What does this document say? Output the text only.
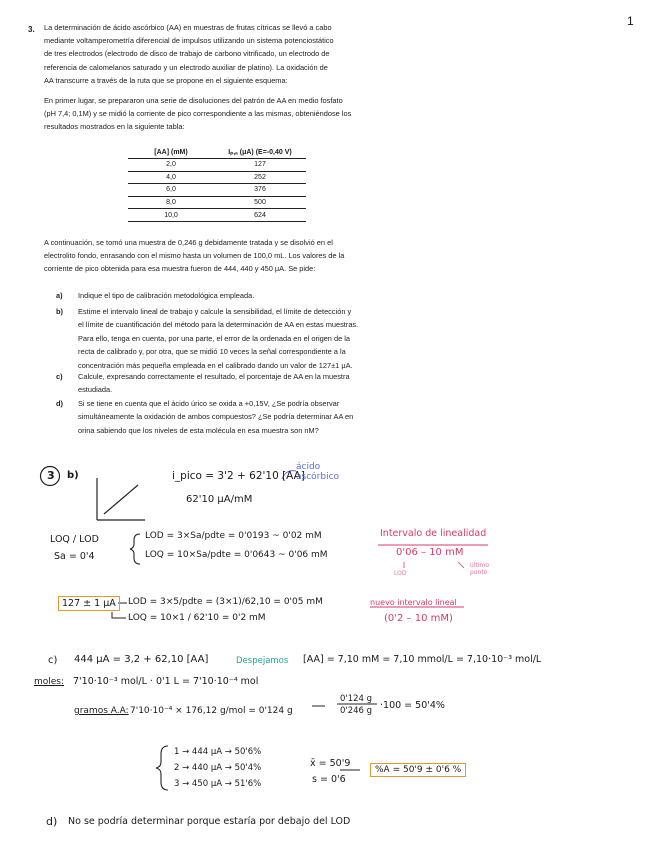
1
3. La determinación de ácido ascórbico (AA) en muestras de frutas cítricas se llevó a cabo
mediante voltamperometría diferencial de impulsos utilizando un sistema potenciostático
de tres electrodos (electrodo de disco de trabajo de carbono vitrificado, un electrodo de
referencia de calomelanos saturado y un electrodo auxiliar de platino). La oxidación de
AA transcurre a través de la ruta que se propone en el siguiente esquema:
En primer lugar, se prepararon una serie de disoluciones del patrón de AA en medio fosfato
(pH 7,4; 0,1M) y se midió la corriente de pico correspondiente a las mismas, obteniéndose los
resultados mostrados en la siguiente tabla:
[AA] (mM)	Iₚ,ₐ (μA) (E=-0,40 V)
2,0	127
4,0	252
6,0	376
8,0	500
10,0	624
A continuación, se tomó una muestra de 0,246 g debidamente tratada y se disolvió en el
electrolito fondo, enrasando con el mismo hasta un volumen de 100,0 mL. Los valores de la
corriente de pico obtenida para esa muestra fueron de 444, 440 y 450 μA. Se pide:
a) Indique el tipo de calibración metodológica empleada.
b) Estime el intervalo lineal de trabajo y calcule la sensibilidad, el límite de detección y
el límite de cuantificación del método para la determinación de AA en estas muestras.
Para ello, tenga en cuenta, por una parte, el error de la ordenada en el origen de la
recta de calibrado y, por otra, que se midió 10 veces la señal correspondiente a la
concentración más pequeña empleada en el calibrado dando un valor de 127±1 μA.
c) Calcule, expresando correctamente el resultado, el porcentaje de AA en la muestra
estudiada.
d) Si se tiene en cuenta que el ácido úrico se oxida a +0,15V, ¿Se podría observar
simultáneamente la oxidación de ambos compuestos? ¿Se podría determinar AA en
orina sabiendo que los niveles de esta molécula en esa muestra son nM?
3 b)	i_pico = 3'2 + 62'10 [AA]
ácido ascórbico
62'10 μA/mM
LOQ / LOD
Sa = 0'4
LOD = 3×Sa/pdte = 0'0193 ~ 0'02 mM
LOQ = 10×Sa/pdte = 0'0643 ~ 0'06 mM
Intervalo de linealidad
0'06 – 10 mM
LOD
último punto
127 ± 1 μA	LOD = 3×5/pdte = (3×1)/62,10 = 0'05 mM
LOQ = 10×1 / 62'10 = 0'2 mM
nuevo intervalo lineal
(0'2 – 10 mM)
c) 444 μA = 3,2 + 62,10 [AA]	Despejamos [AA] = 7,10 mM = 7,10 mmol/L = 7,10·10⁻³ mol/L
moles: 7'10·10⁻³ mol/L · 0'1 L = 7'10·10⁻⁴ mol
gramos A.A: 7'10·10⁻⁴ × 176,12 g/mol = 0'124 g
0'124 g
0'246 g ·100 = 50'4%
1 → 444 μA → 50'6%
2 → 440 μA → 50'4%
3 → 450 μA → 51'6%
x̄ = 50'9
s = 0'6
%A = 50'9 ± 0'6 %
d) No se podría determinar porque estaría por debajo del LOD
